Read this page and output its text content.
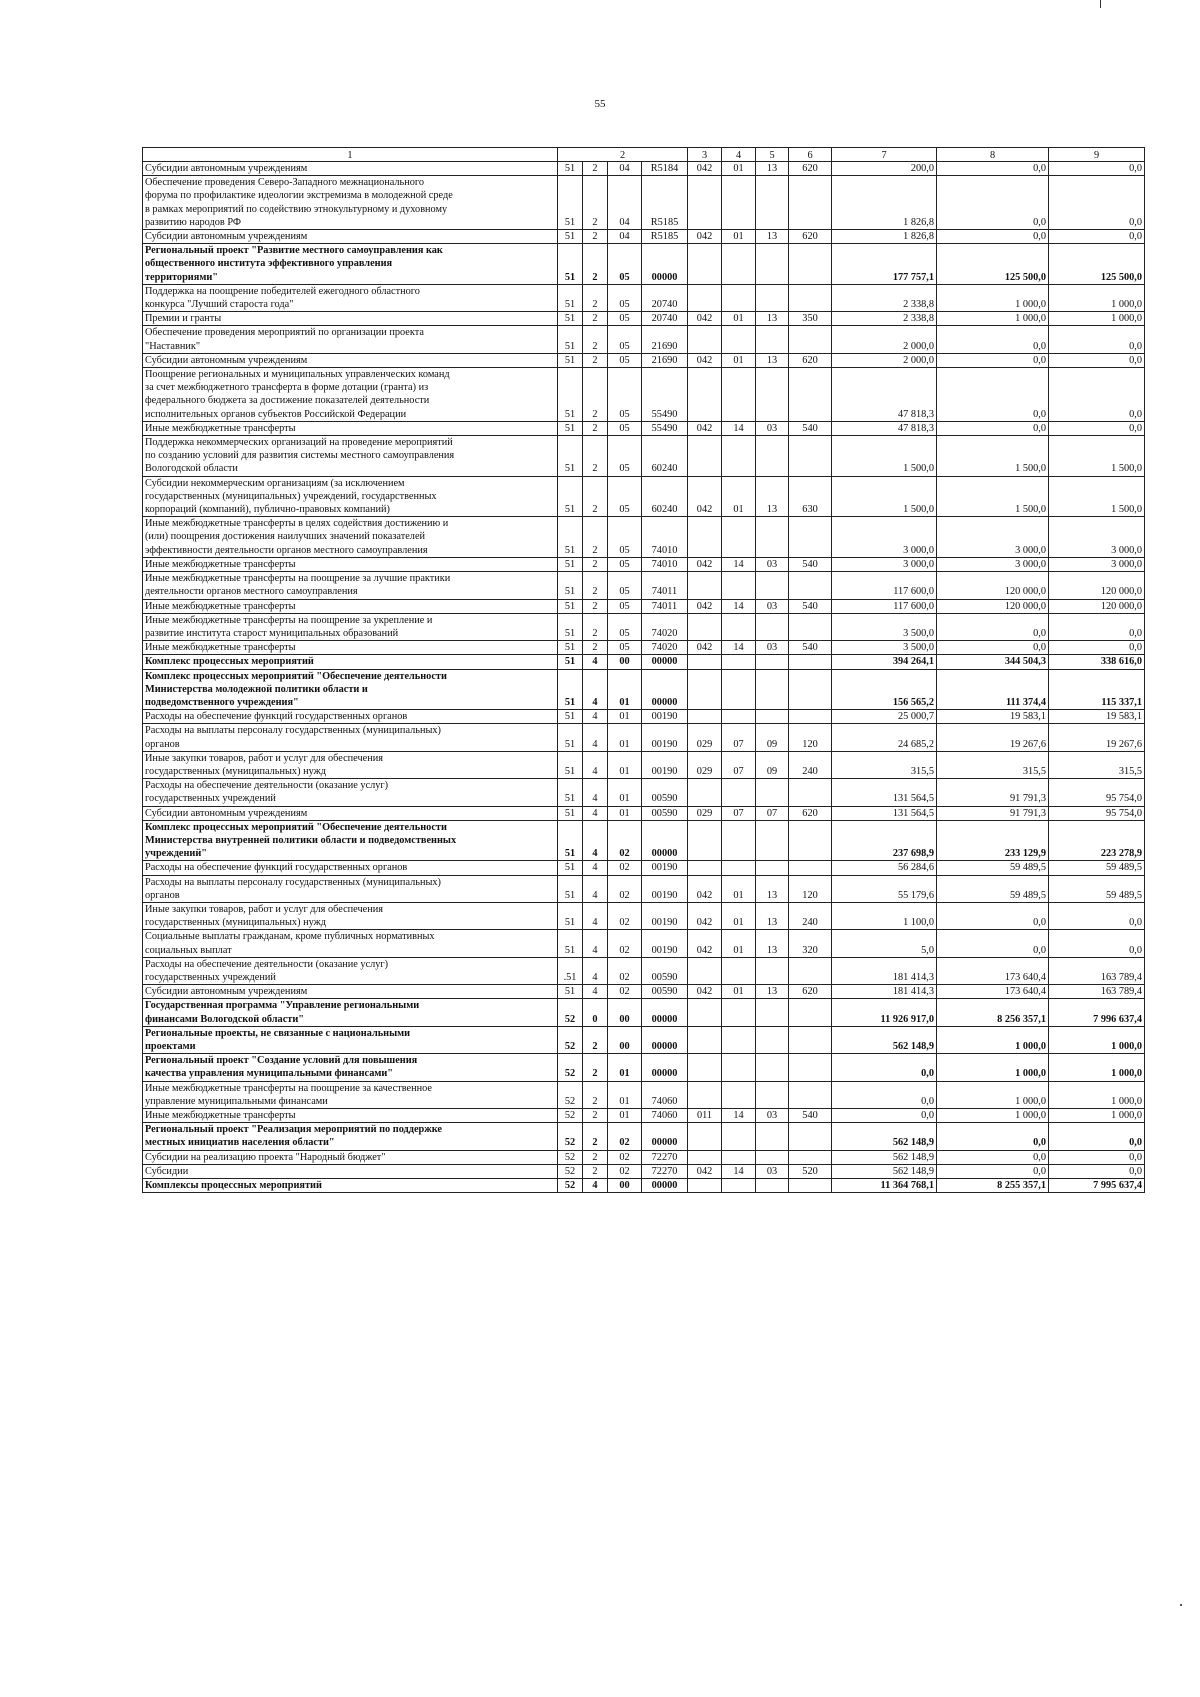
55
1	2				3	4	5	6	7	8	9
Субсидии автономным учреждениям	51	2	04	R5184	042	01	13	620	200,0	0,0	0,0
Обеспечение проведения Северо-Западного межнационального
форума по профилактике идеологии экстремизма в молодежной среде
в рамках мероприятий по содействию этнокультурному и духовному
развитию народов РФ	51	2	04	R5185					1 826,8	0,0	0,0
Субсидии автономным учреждениям	51	2	04	R5185	042	01	13	620	1 826,8	0,0	0,0
Региональный проект "Развитие местного самоуправления как
общественного института эффективного управления
территориями"	51	2	05	00000					177 757,1	125 500,0	125 500,0
Поддержка на поощрение победителей ежегодного областного
конкурса "Лучший староста года"	51	2	05	20740					2 338,8	1 000,0	1 000,0
Премии и гранты	51	2	05	20740	042	01	13	350	2 338,8	1 000,0	1 000,0
Обеспечение проведения мероприятий по организации проекта
"Наставник"	51	2	05	21690					2 000,0	0,0	0,0
Субсидии автономным учреждениям	51	2	05	21690	042	01	13	620	2 000,0	0,0	0,0
Поощрение региональных и муниципальных управленческих команд
за счет межбюджетного трансферта в форме дотации (гранта) из
федерального бюджета за достижение показателей деятельности
исполнительных органов субъектов Российской Федерации	51	2	05	55490					47 818,3	0,0	0,0
Иные межбюджетные трансферты	51	2	05	55490	042	14	03	540	47 818,3	0,0	0,0
Поддержка некоммерческих организаций на проведение мероприятий
по созданию условий для развития системы местного самоуправления
Вологодской области	51	2	05	60240					1 500,0	1 500,0	1 500,0
Субсидии некоммерческим организациям (за исключением
государственных (муниципальных) учреждений, государственных
корпораций (компаний), публично-правовых компаний)	51	2	05	60240	042	01	13	630	1 500,0	1 500,0	1 500,0
Иные межбюджетные трансферты в целях содействия достижению и
(или) поощрения достижения наилучших значений показателей
эффективности деятельности органов местного самоуправления	51	2	05	74010					3 000,0	3 000,0	3 000,0
Иные межбюджетные трансферты	51	2	05	74010	042	14	03	540	3 000,0	3 000,0	3 000,0
Иные межбюджетные трансферты на поощрение за лучшие практики
деятельности органов местного самоуправления	51	2	05	74011					117 600,0	120 000,0	120 000,0
Иные межбюджетные трансферты	51	2	05	74011	042	14	03	540	117 600,0	120 000,0	120 000,0
Иные межбюджетные трансферты на поощрение за укрепление и
развитие института старост муниципальных образований	51	2	05	74020					3 500,0	0,0	0,0
Иные межбюджетные трансферты	51	2	05	74020	042	14	03	540	3 500,0	0,0	0,0
Комплекс процессных мероприятий	51	4	00	00000					394 264,1	344 504,3	338 616,0
Комплекс процессных мероприятий "Обеспечение деятельности
Министерства молодежной политики области и
подведомственного учреждения"	51	4	01	00000					156 565,2	111 374,4	115 337,1
Расходы на обеспечение функций государственных органов	51	4	01	00190					25 000,7	19 583,1	19 583,1
Расходы на выплаты персоналу государственных (муниципальных)
органов	51	4	01	00190	029	07	09	120	24 685,2	19 267,6	19 267,6
Иные закупки товаров, работ и услуг для обеспечения
государственных (муниципальных) нужд	51	4	01	00190	029	07	09	240	315,5	315,5	315,5
Расходы на обеспечение деятельности (оказание услуг)
государственных учреждений	51	4	01	00590					131 564,5	91 791,3	95 754,0
Субсидии автономным учреждениям	51	4	01	00590	029	07	07	620	131 564,5	91 791,3	95 754,0
Комплекс процессных мероприятий "Обеспечение деятельности
Министерства внутренней политики области и подведомственных
учреждений"	51	4	02	00000					237 698,9	233 129,9	223 278,9
Расходы на обеспечение функций государственных органов	51	4	02	00190					56 284,6	59 489,5	59 489,5
Расходы на выплаты персоналу государственных (муниципальных)
органов	51	4	02	00190	042	01	13	120	55 179,6	59 489,5	59 489,5
Иные закупки товаров, работ и услуг для обеспечения
государственных (муниципальных) нужд	51	4	02	00190	042	01	13	240	1 100,0	0,0	0,0
Социальные выплаты гражданам, кроме публичных нормативных
социальных выплат	51	4	02	00190	042	01	13	320	5,0	0,0	0,0
Расходы на обеспечение деятельности (оказание услуг)
государственных учреждений	.51	4	02	00590					181 414,3	173 640,4	163 789,4
Субсидии автономным учреждениям	51	4	02	00590	042	01	13	620	181 414,3	173 640,4	163 789,4
Государственная программа "Управление региональными
финансами Вологодской области"	52	0	00	00000					11 926 917,0	8 256 357,1	7 996 637,4
Региональные проекты, не связанные с национальными
проектами	52	2	00	00000					562 148,9	1 000,0	1 000,0
Региональный проект "Создание условий для повышения
качества управления муниципальными финансами"	52	2	01	00000					0,0	1 000,0	1 000,0
Иные межбюджетные трансферты на поощрение за качественное
управление муниципальными финансами	52	2	01	74060					0,0	1 000,0	1 000,0
Иные межбюджетные трансферты	52	2	01	74060	011	14	03	540	0,0	1 000,0	1 000,0
Региональный проект "Реализация мероприятий по поддержке
местных инициатив населения области"	52	2	02	00000					562 148,9	0,0	0,0
Субсидии на реализацию проекта "Народный бюджет"	52	2	02	72270					562 148,9	0,0	0,0
Субсидии	52	2	02	72270	042	14	03	520	562 148,9	0,0	0,0
Комплексы процессных мероприятий	52	4	00	00000					11 364 768,1	8 255 357,1	7 995 637,4
